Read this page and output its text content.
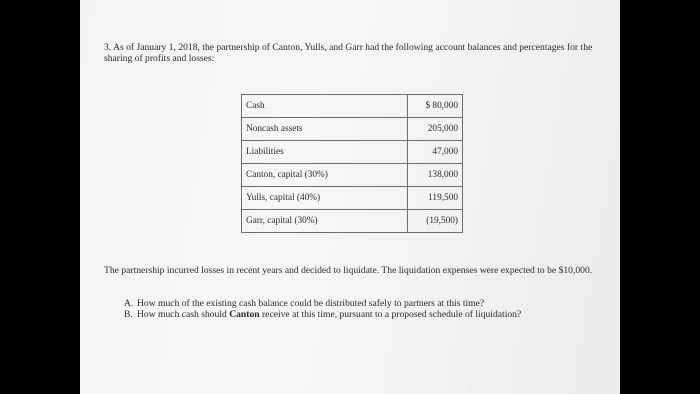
3. As of January 1, 2018, the partnership of Canton, Yulls, and Garr had the following account balances and percentages for the sharing of profits and losses:

Cash	$ 80,000
Noncash assets	205,000
Liabilities	47,000
Canton, capital (30%)	138,000
Yulls, capital (40%)	119,500
Garr, capital (30%)	(19,500)

The partnership incurred losses in recent years and decided to liquidate. The liquidation expenses were expected to be $10,000.

A. How much of the existing cash balance could be distributed safely to partners at this time?
B. How much cash should Canton receive at this time, pursuant to a proposed schedule of liquidation?
